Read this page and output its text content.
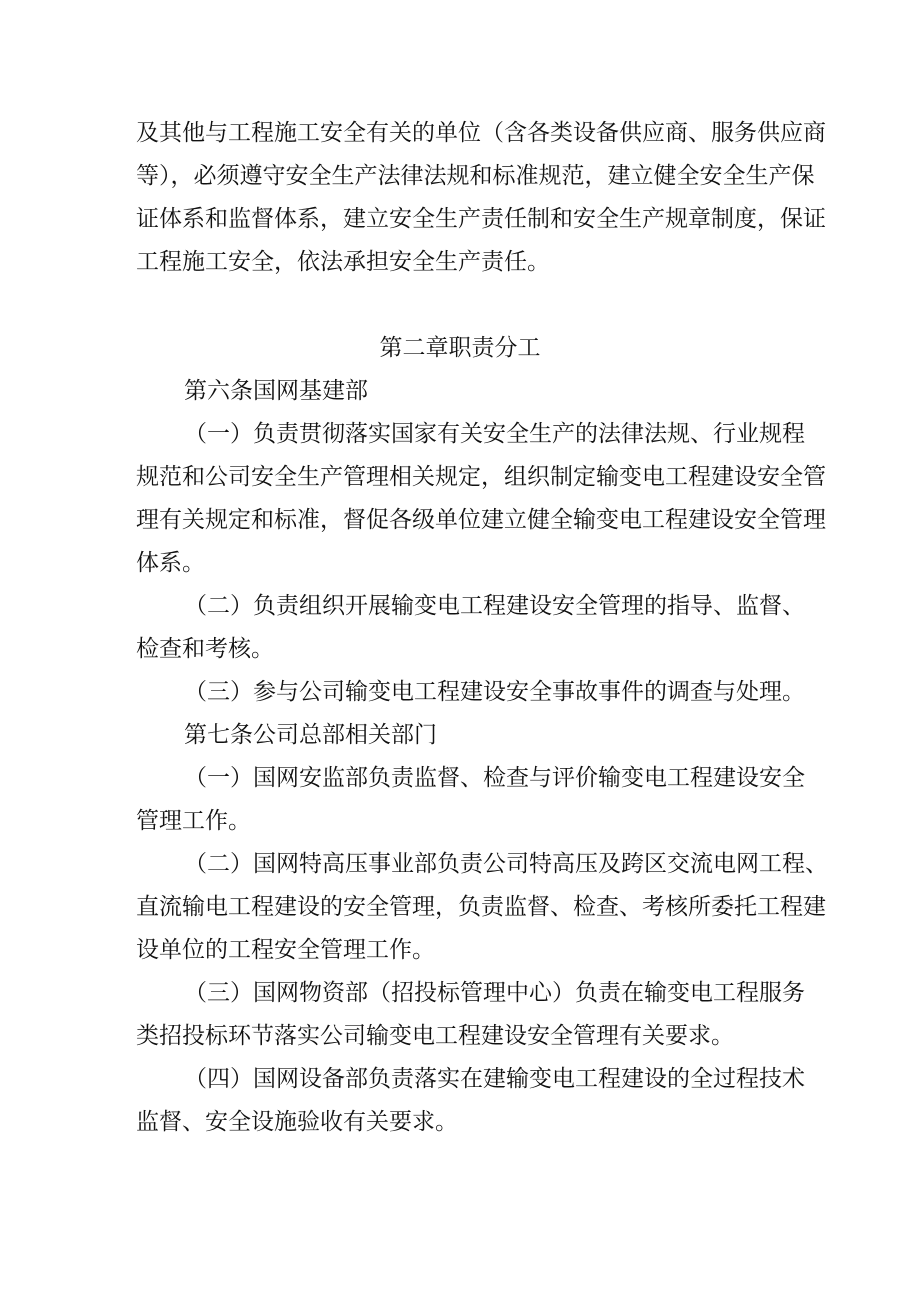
及其他与工程施工安全有关的单位（含各类设备供应商、服务供应商
等），必须遵守安全生产法律法规和标准规范，建立健全安全生产保
证体系和监督体系，建立安全生产责任制和安全生产规章制度，保证
工程施工安全，依法承担安全生产责任。
第二章职责分工
第六条国网基建部
（一）负责贯彻落实国家有关安全生产的法律法规、行业规程
规范和公司安全生产管理相关规定，组织制定输变电工程建设安全管
理有关规定和标准，督促各级单位建立健全输变电工程建设安全管理
体系。
（二）负责组织开展输变电工程建设安全管理的指导、监督、
检查和考核。
（三）参与公司输变电工程建设安全事故事件的调查与处理。
第七条公司总部相关部门
（一）国网安监部负责监督、检查与评价输变电工程建设安全
管理工作。
（二）国网特高压事业部负责公司特高压及跨区交流电网工程、
直流输电工程建设的安全管理，负责监督、检查、考核所委托工程建
设单位的工程安全管理工作。
（三）国网物资部（招投标管理中心）负责在输变电工程服务
类招投标环节落实公司输变电工程建设安全管理有关要求。
（四）国网设备部负责落实在建输变电工程建设的全过程技术
监督、安全设施验收有关要求。
